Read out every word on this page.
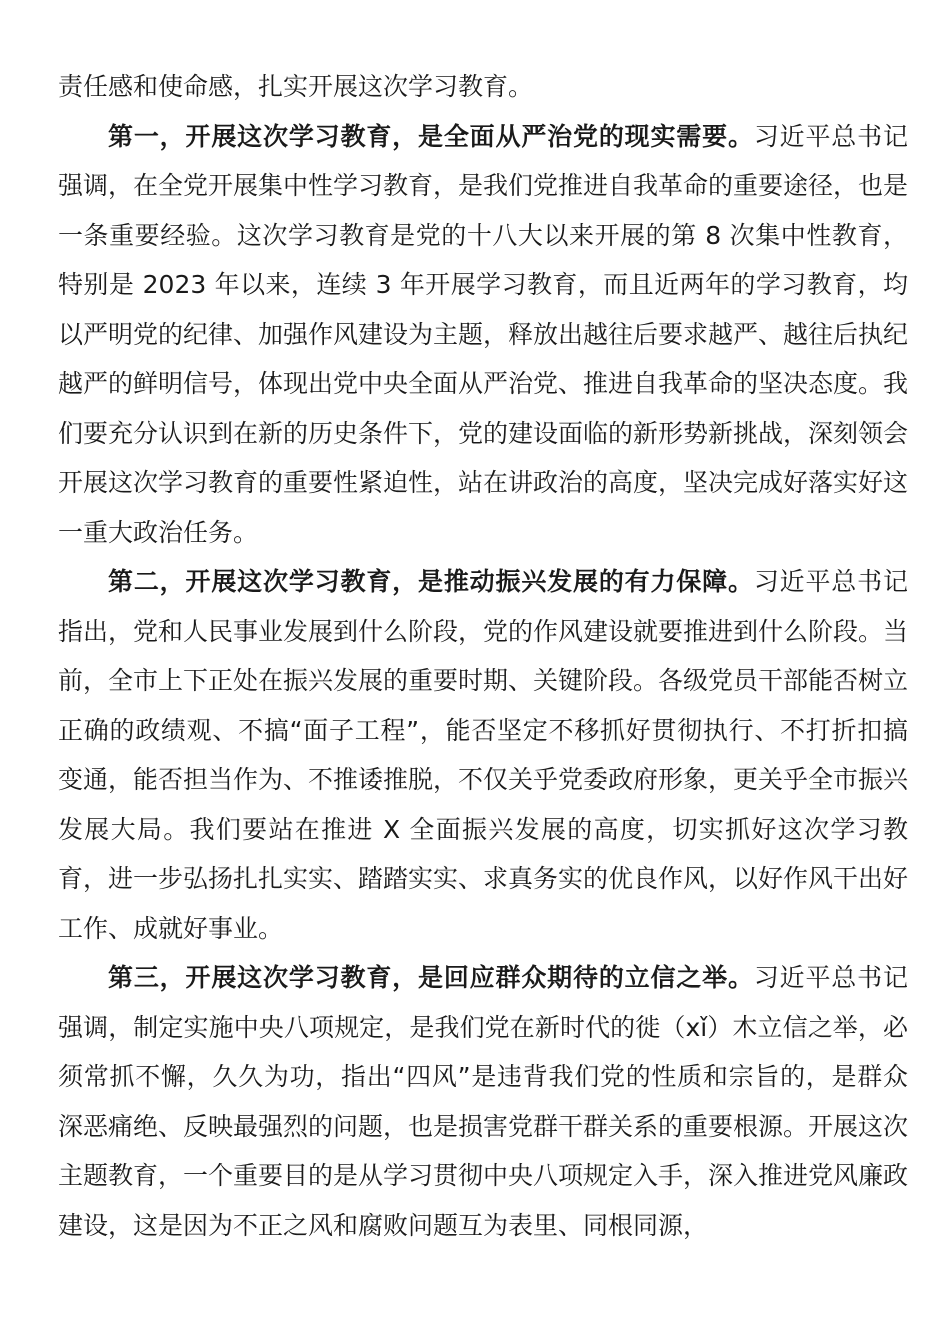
责任感和使命感，扎实开展这次学习教育。

第一，开展这次学习教育，是全面从严治党的现实需要。习近平总书记强调，在全党开展集中性学习教育，是我们党推进自我革命的重要途径，也是一条重要经验。这次学习教育是党的十八大以来开展的第 8 次集中性教育，特别是 2023 年以来，连续 3 年开展学习教育，而且近两年的学习教育，均以严明党的纪律、加强作风建设为主题，释放出越往后要求越严、越往后执纪越严的鲜明信号，体现出党中央全面从严治党、推进自我革命的坚决态度。我们要充分认识到在新的历史条件下，党的建设面临的新形势新挑战，深刻领会开展这次学习教育的重要性紧迫性，站在讲政治的高度，坚决完成好落实好这一重大政治任务。

第二，开展这次学习教育，是推动振兴发展的有力保障。习近平总书记指出，党和人民事业发展到什么阶段，党的作风建设就要推进到什么阶段。当前，全市上下正处在振兴发展的重要时期、关键阶段。各级党员干部能否树立正确的政绩观、不搞“面子工程”，能否坚定不移抓好贯彻执行、不打折扣搞变通，能否担当作为、不推诿推脱，不仅关乎党委政府形象，更关乎全市振兴发展大局。我们要站在推进 X 全面振兴发展的高度，切实抓好这次学习教育，进一步弘扬扎扎实实、踏踏实实、求真务实的优良作风，以好作风干出好工作、成就好事业。

第三，开展这次学习教育，是回应群众期待的立信之举。习近平总书记强调，制定实施中央八项规定，是我们党在新时代的徙（xǐ）木立信之举，必须常抓不懈，久久为功，指出“四风”是违背我们党的性质和宗旨的，是群众深恶痛绝、反映最强烈的问题，也是损害党群干群关系的重要根源。开展这次主题教育，一个重要目的是从学习贯彻中央八项规定入手，深入推进党风廉政建设，这是因为不正之风和腐败问题互为表里、同根同源，
